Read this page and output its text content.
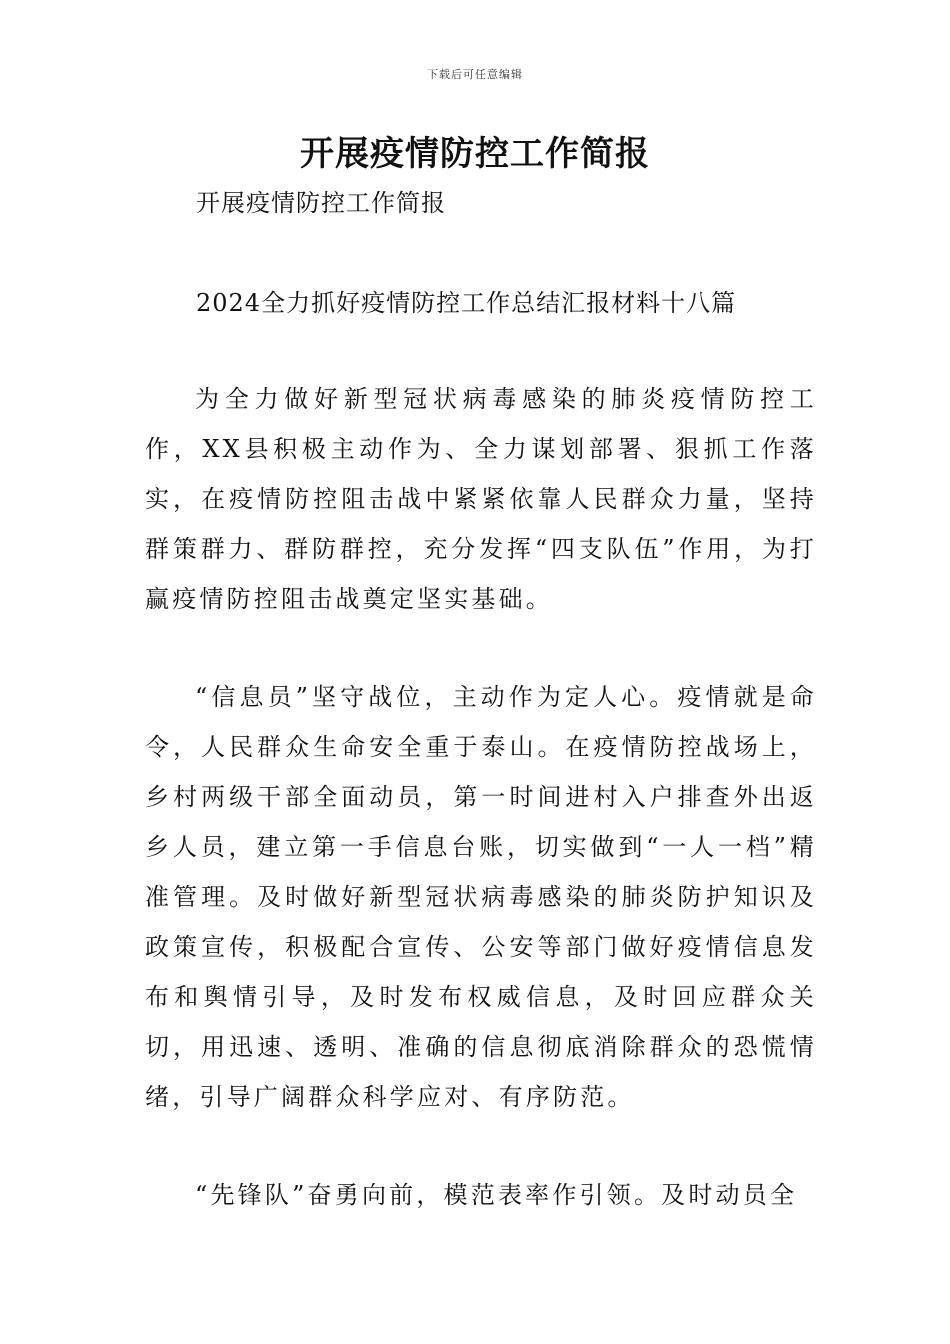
下载后可任意编辑
开展疫情防控工作简报
开展疫情防控工作简报
2024全力抓好疫情防控工作总结汇报材料十八篇

为全力做好新型冠状病毒感染的肺炎疫情防控工作，XX县积极主动作为、全力谋划部署、狠抓工作落实，在疫情防控阻击战中紧紧依靠人民群众力量，坚持群策群力、群防群控，充分发挥“四支队伍”作用，为打赢疫情防控阻击战奠定坚实基础。

“信息员”坚守战位，主动作为定人心。疫情就是命令，人民群众生命安全重于泰山。在疫情防控战场上，乡村两级干部全面动员，第一时间进村入户排查外出返乡人员，建立第一手信息台账，切实做到“一人一档”精准管理。及时做好新型冠状病毒感染的肺炎防护知识及政策宣传，积极配合宣传、公安等部门做好疫情信息发布和舆情引导，及时发布权威信息，及时回应群众关切，用迅速、透明、准确的信息彻底消除群众的恐慌情绪，引导广阔群众科学应对、有序防范。

“先锋队”奋勇向前，模范表率作引领。及时动员全
